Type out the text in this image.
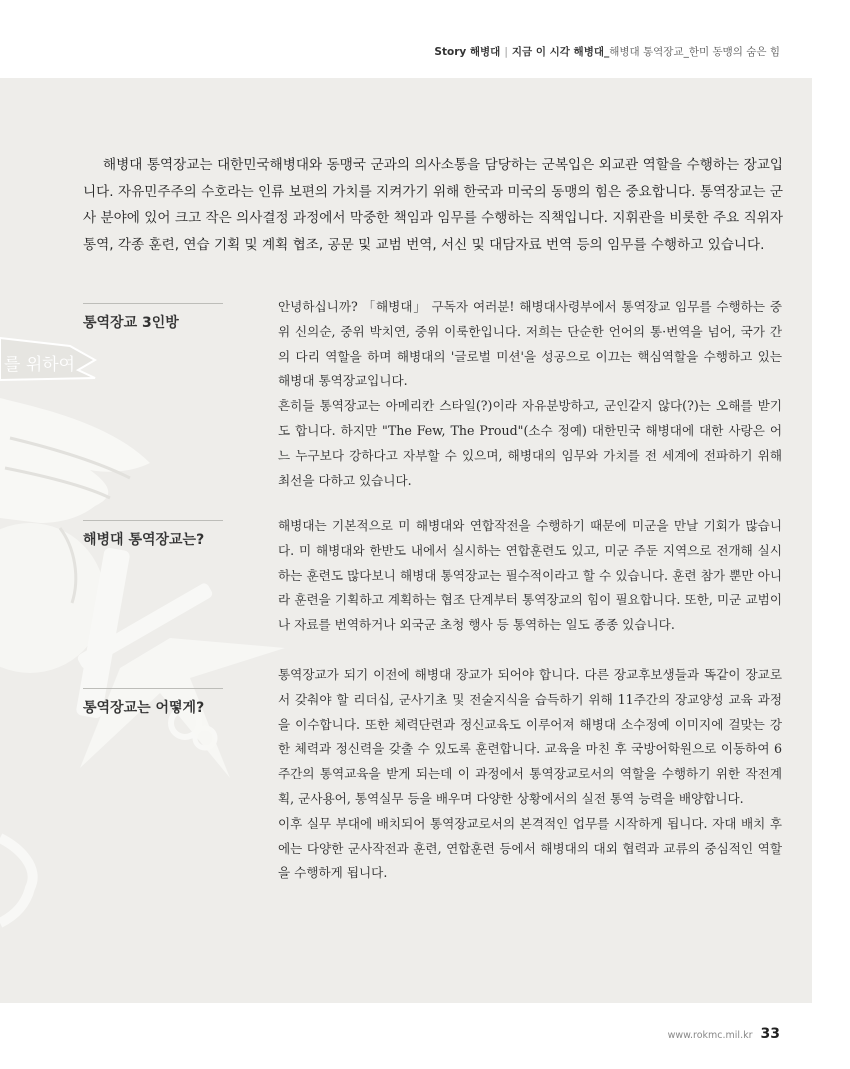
Story 해병대 | 지금 이 시각 해병대_해병대 통역장교_한미 동맹의 숨은 힘
를 위하여

해병대 통역장교는 대한민국해병대와 동맹국 군과의 의사소통을 담당하는 군복입은 외교관 역할을 수행하는 장교입니다. 자유민주주의 수호라는 인류 보편의 가치를 지켜가기 위해 한국과 미국의 동맹의 힘은 중요합니다. 통역장교는 군사 분야에 있어 크고 작은 의사결정 과정에서 막중한 책임과 임무를 수행하는 직책입니다. 지휘관을 비롯한 주요 직위자 통역, 각종 훈련, 연습 기획 및 계획 협조, 공문 및 교범 번역, 서신 및 대담자료 번역 등의 임무를 수행하고 있습니다.

통역장교 3인방

안녕하십니까? 「해병대」 구독자 여러분! 해병대사령부에서 통역장교 임무를 수행하는 중위 신의순, 중위 박치연, 중위 이룩한입니다. 저희는 단순한 언어의 통·번역을 넘어, 국가 간의 다리 역할을 하며 해병대의 '글로벌 미션'을 성공으로 이끄는 핵심역할을 수행하고 있는 해병대 통역장교입니다.

흔히들 통역장교는 아메리칸 스타일(?)이라 자유분방하고, 군인같지 않다(?)는 오해를 받기도 합니다. 하지만 "The Few, The Proud"(소수 정예) 대한민국 해병대에 대한 사랑은 어느 누구보다 강하다고 자부할 수 있으며, 해병대의 임무와 가치를 전 세계에 전파하기 위해 최선을 다하고 있습니다.

해병대 통역장교는?

해병대는 기본적으로 미 해병대와 연합작전을 수행하기 때문에 미군을 만날 기회가 많습니다. 미 해병대와 한반도 내에서 실시하는 연합훈련도 있고, 미군 주둔 지역으로 전개해 실시하는 훈련도 많다보니 해병대 통역장교는 필수적이라고 할 수 있습니다. 훈련 참가 뿐만 아니라 훈련을 기획하고 계획하는 협조 단계부터 통역장교의 힘이 필요합니다. 또한, 미군 교범이나 자료를 번역하거나 외국군 초청 행사 등 통역하는 일도 종종 있습니다.

통역장교는 어떻게?

통역장교가 되기 이전에 해병대 장교가 되어야 합니다. 다른 장교후보생들과 똑같이 장교로서 갖춰야 할 리더십, 군사기초 및 전술지식을 습득하기 위해 11주간의 장교양성 교육 과정을 이수합니다. 또한 체력단련과 정신교육도 이루어져 해병대 소수정예 이미지에 걸맞는 강한 체력과 정신력을 갖출 수 있도록 훈련합니다. 교육을 마친 후 국방어학원으로 이동하여 6주간의 통역교육을 받게 되는데 이 과정에서 통역장교로서의 역할을 수행하기 위한 작전계획, 군사용어, 통역실무 등을 배우며 다양한 상황에서의 실전 통역 능력을 배양합니다.

이후 실무 부대에 배치되어 통역장교로서의 본격적인 업무를 시작하게 됩니다. 자대 배치 후에는 다양한 군사작전과 훈련, 연합훈련 등에서 해병대의 대외 협력과 교류의 중심적인 역할을 수행하게 됩니다.

www.rokmc.mil.kr 33
